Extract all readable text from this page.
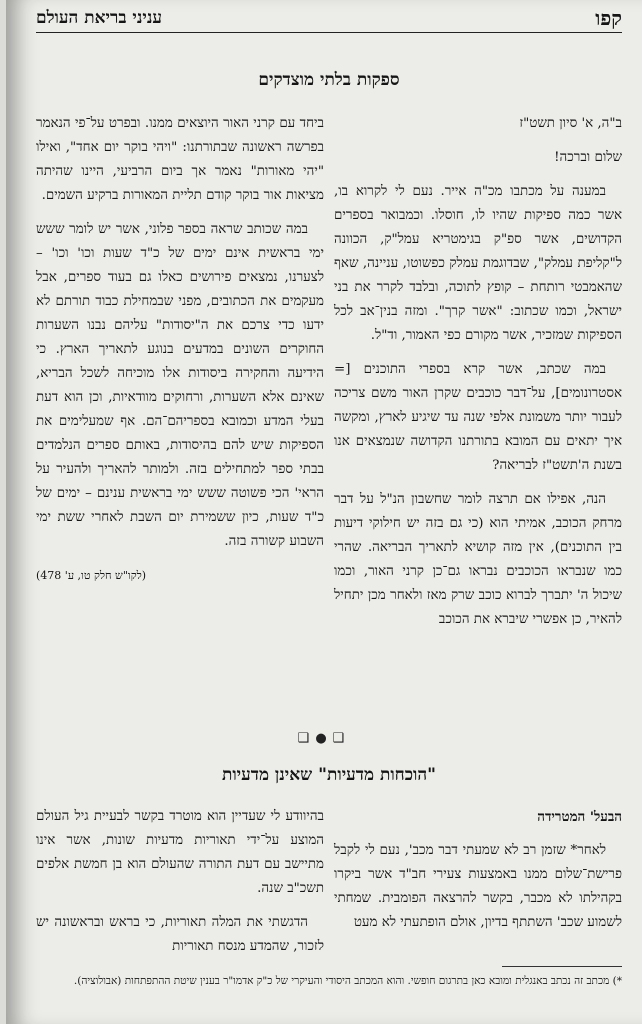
קפו
עניני בריאת העולם
ספקות בלתי מוצדקים

ב"ה, א' סיון תשט"ז

שלום וברכה!

במענה על מכתבו מכ"ה אייר. נעם לי לקרוא בו, אשר כמה ספיקות שהיו לו, חוסלו. וכמבואר בספרים הקדושים, אשר ספ"ק בגימטריא עמל"ק, הכוונה ל"קליפת עמלק", שבדוגמת עמלק כפשוטו, עניינה, שאף שהאמבטי רותחת – קופץ לתוכה, ובלבד לקרר את בני ישראל, וכמו שכתוב: "אשר קרך". ומזה בנין־אב לכל הספיקות שמזכיר, אשר מקורם כפי האמור, וד"ל.

במה שכתב, אשר קרא בספרי התוכנים [= אסטרונומים], על־דבר כוכבים שקרן האור משם צריכה לעבור יותר משמונת אלפי שנה עד שיגיע לארץ, ומקשה איך יתאים עם המובא בתורתנו הקדושה שנמצאים אנו בשנת ה'תשט"ז לבריאה?

הנה, אפילו אם תרצה לומר שחשבון הנ"ל על דבר מרחק הכוכב, אמיתי הוא (כי גם בזה יש חילוקי דיעות בין התוכנים), אין מזה קושיא לתאריך הבריאה. שהרי כמו שנבראו הכוכבים נבראו גם־כן קרני האור, וכמו שיכול ה' יתברך לברוא כוכב שרק מאז ולאחר מכן יתחיל להאיר, כן אפשרי שיברא את הכוכב

ביחד עם קרני האור היוצאים ממנו. ובפרט על־פי הנאמר בפרשה ראשונה שבתורתנו: "ויהי בוקר יום אחד", ואילו "יהי מאורות" נאמר אך ביום הרביעי, היינו שהיתה מציאות אור בוקר קודם תליית המאורות ברקיע השמים.

במה שכותב שראה בספר פלוני, אשר יש לומר ששש ימי בראשית אינם ימים של כ"ד שעות וכו' וכו' – לצערנו, נמצאים פירושים כאלו גם בעוד ספרים, אבל מעקמים את הכתובים, מפני שבמחילת כבוד תורתם לא ידעו כדי צרכם את ה"יסודות" עליהם נבנו השערות החוקרים השונים במדעים בנוגע לתאריך הארץ. כי הידיעה והחקירה ביסודות אלו מוכיחה לשכל הבריא, שאינם אלא השערות, ורחוקים מוודאיות, וכן הוא דעת בעלי המדע וכמובא בספריהם־הם. אף שמעלימים את הספיקות שיש להם בהיסודות, באותם ספרים הנלמדים בבתי ספר למתחילים בזה. ולמותר להאריך ולהעיר על הראי' הכי פשוטה ששש ימי בראשית ענינם – ימים של כ"ד שעות, כיון ששמירת יום השבת לאחרי ששת ימי השבוע קשורה בזה.

(לקו"ש חלק טו, ע' 478)
❑●❑
"הוכחות מדעיות" שאינן מדעיות

הבעל' המטרידה

לאחר* שזמן רב לא שמעתי דבר מכב', נעם לי לקבל פרישת־שלום ממנו באמצעות צעירי חב"ד אשר ביקרו בקהילתו לא מכבר, בקשר להרצאה הפומבית. שמחתי לשמוע שכב' השתתף בדיון, אולם הופתעתי לא מעט

בהיוודע לי שעדיין הוא מוטרד בקשר לבעיית גיל העולם המוצע על־ידי תאוריות מדעיות שונות, אשר אינו מתיישב עם דעת התורה שהעולם הוא בן חמשת אלפים תשכ"ב שנה.

הדגשתי את המלה תאוריות, כי בראש ובראשונה יש לזכור, שהמדע מנסח תאוריות

*) מכתב זה נכתב באנגלית ומובא כאן בתרגום חופשי. והוא המכתב היסודי והעיקרי של כ"ק אדמו"ר בענין שיטת ההתפתחות (אבולוציה).
